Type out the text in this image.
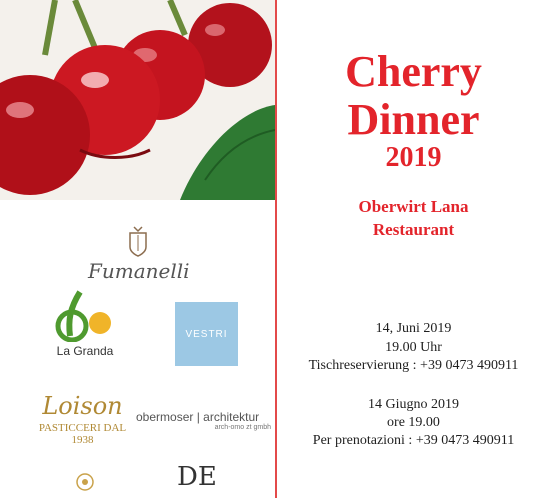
Fumanelli
La Granda
VESTRI
Loison
PASTICCERI DAL 1938
obermoser | architektur
arch-omo zt gmbh
DE
Cherry
Dinner
2019
Oberwirt Lana
Restaurant
14, Juni 2019
19.00 Uhr
Tischreservierung : +39 0473 490911
14 Giugno 2019
ore 19.00
Per prenotazioni : +39 0473 490911
